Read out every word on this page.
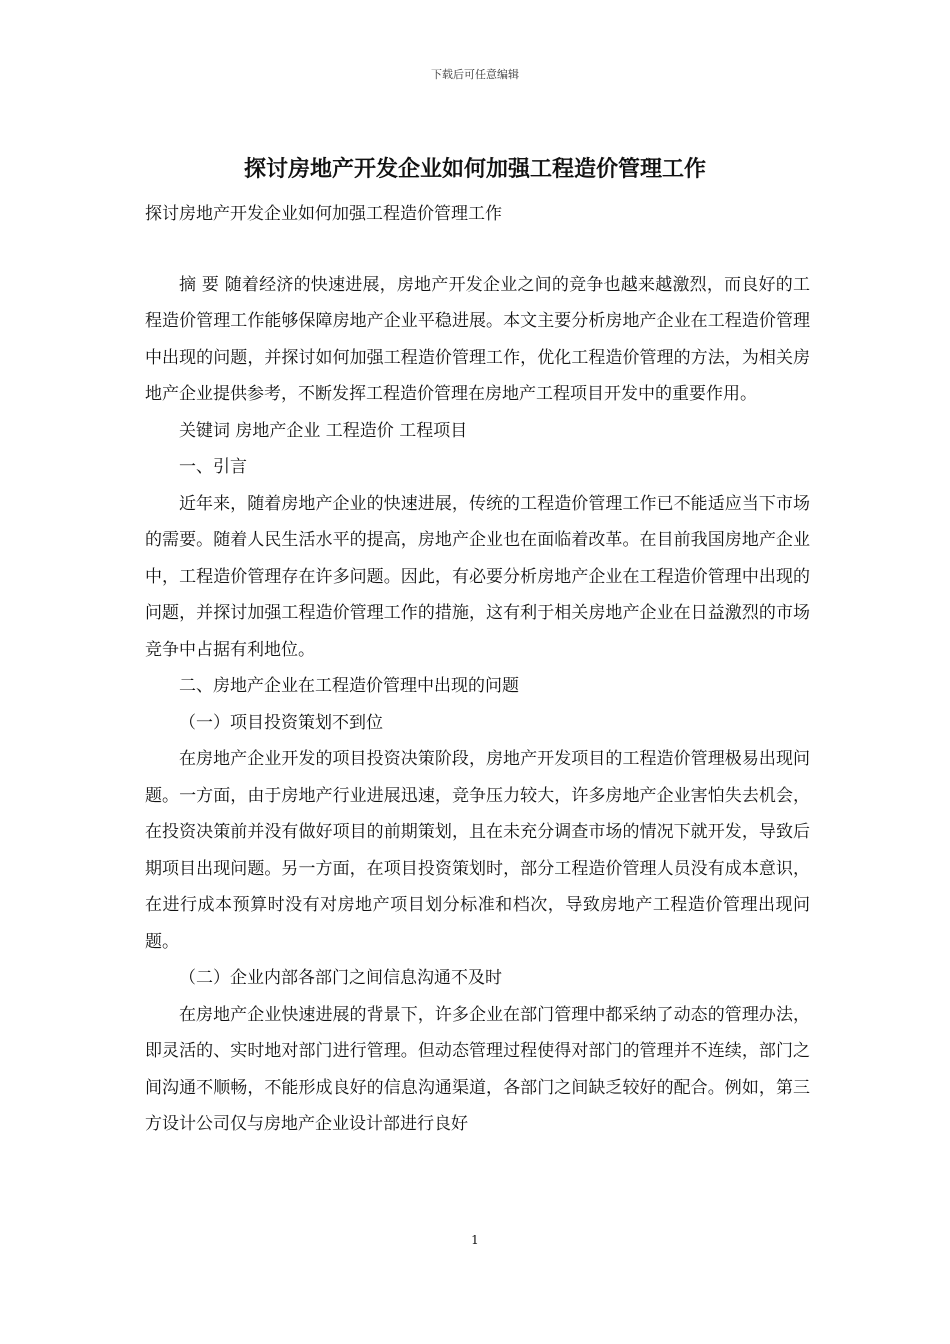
下载后可任意编辑
探讨房地产开发企业如何加强工程造价管理工作

探讨房地产开发企业如何加强工程造价管理工作

摘 要 随着经济的快速进展，房地产开发企业之间的竞争也越来越激烈，而良好的工程造价管理工作能够保障房地产企业平稳进展。本文主要分析房地产企业在工程造价管理中出现的问题，并探讨如何加强工程造价管理工作，优化工程造价管理的方法，为相关房地产企业提供参考，不断发挥工程造价管理在房地产工程项目开发中的重要作用。

关键词 房地产企业 工程造价 工程项目

一、引言

近年来，随着房地产企业的快速进展，传统的工程造价管理工作已不能适应当下市场的需要。随着人民生活水平的提高，房地产企业也在面临着改革。在目前我国房地产企业中，工程造价管理存在许多问题。因此，有必要分析房地产企业在工程造价管理中出现的问题，并探讨加强工程造价管理工作的措施，这有利于相关房地产企业在日益激烈的市场竞争中占据有利地位。

二、房地产企业在工程造价管理中出现的问题

（一）项目投资策划不到位

在房地产企业开发的项目投资决策阶段，房地产开发项目的工程造价管理极易出现问题。一方面，由于房地产行业进展迅速，竞争压力较大，许多房地产企业害怕失去机会，在投资决策前并没有做好项目的前期策划，且在未充分调查市场的情况下就开发，导致后期项目出现问题。另一方面，在项目投资策划时，部分工程造价管理人员没有成本意识，在进行成本预算时没有对房地产项目划分标准和档次，导致房地产工程造价管理出现问题。

（二）企业内部各部门之间信息沟通不及时

在房地产企业快速进展的背景下，许多企业在部门管理中都采纳了动态的管理办法，即灵活的、实时地对部门进行管理。但动态管理过程使得对部门的管理并不连续，部门之间沟通不顺畅，不能形成良好的信息沟通渠道，各部门之间缺乏较好的配合。例如，第三方设计公司仅与房地产企业设计部进行良好

1
